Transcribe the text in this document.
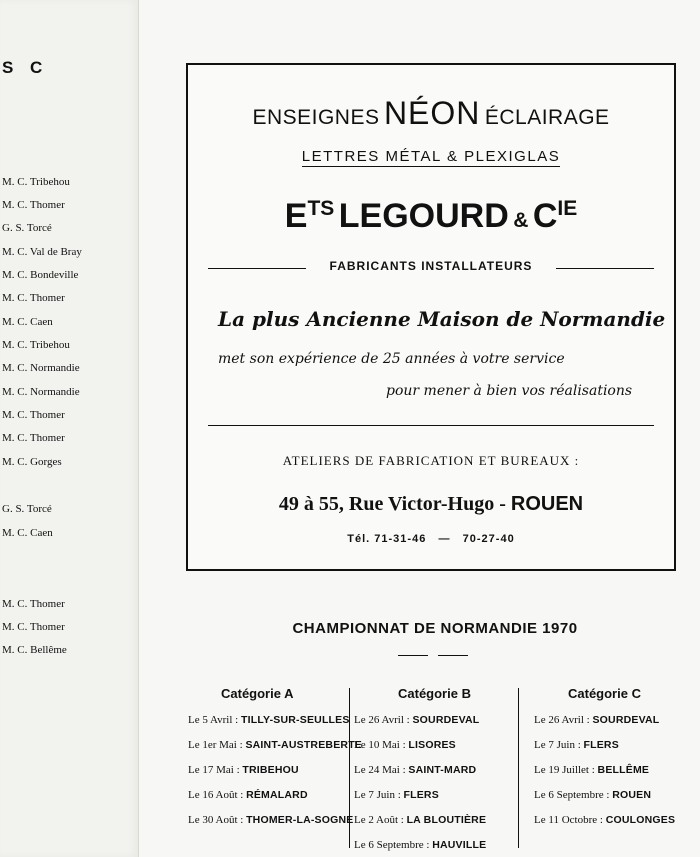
S C
M. C. Tribehou
M. C. Thomer
G. S. Torcé
M. C. Val de Bray
M. C. Bondeville
M. C. Thomer
M. C. Caen
M. C. Tribehou
M. C. Normandie
M. C. Normandie
M. C. Thomer
M. C. Thomer
M. C. Gorges
G. S. Torcé
M. C. Caen
M. C. Thomer
M. C. Thomer
M. C. Bellême
ENSEIGNES NÉON ÉCLAIRAGE
LETTRES MÉTAL & PLEXIGLAS
ETS LEGOURD & CIE
FABRICANTS INSTALLATEURS
La plus Ancienne Maison de Normandie
met son expérience de 25 années à votre service
pour mener à bien vos réalisations
ATELIERS DE FABRICATION ET BUREAUX :
49 à 55, Rue Victor-Hugo - ROUEN
Tél. 71-31-46   —   70-27-40
CHAMPIONNAT DE NORMANDIE 1970
Catégorie A
Le 5 Avril : TILLY-SUR-SEULLES
Le 1er Mai : SAINT-AUSTREBERTE
Le 17 Mai : TRIBEHOU
Le 16 Août : RÉMALARD
Le 30 Août : THOMER-LA-SOGNE
Catégorie B
Le 26 Avril : SOURDEVAL
Le 10 Mai : LISORES
Le 24 Mai : SAINT-MARD
Le 7 Juin : FLERS
Le 2 Août : LA BLOUTIÈRE
Le 6 Septembre : HAUVILLE
Catégorie C
Le 26 Avril : SOURDEVAL
Le 7 Juin : FLERS
Le 19 Juillet : BELLÊME
Le 6 Septembre : ROUEN
Le 11 Octobre : COULONGES
